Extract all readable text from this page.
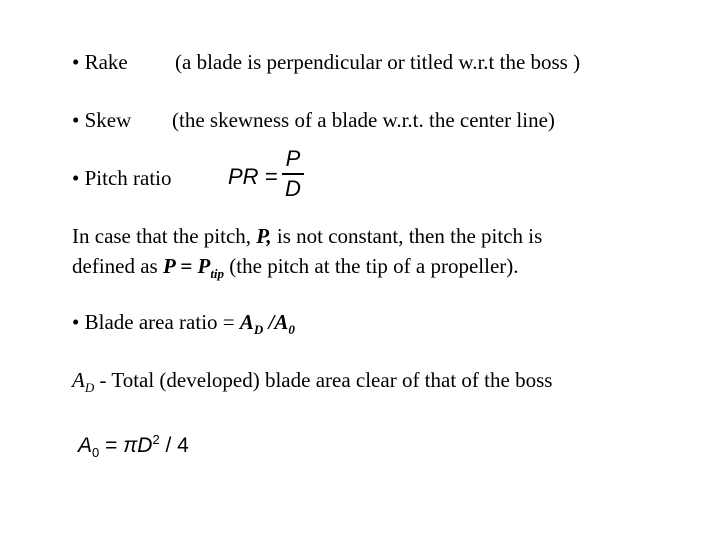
• Rake (a blade is perpendicular or titled w.r.t the boss )
• Skew (the skewness of a blade w.r.t. the center line)
• Pitch ratio	PR =
P
D
In case that the pitch, P, is not constant, then the pitch is
defined as $P = P_{tip}$ (the pitch at the tip of a propeller).
• Blade area ratio = $A_D$ $/A_0$
$A_D$ - Total (developed) blade area clear of that of the boss
$A_0 = \pi D^2 / 4$
